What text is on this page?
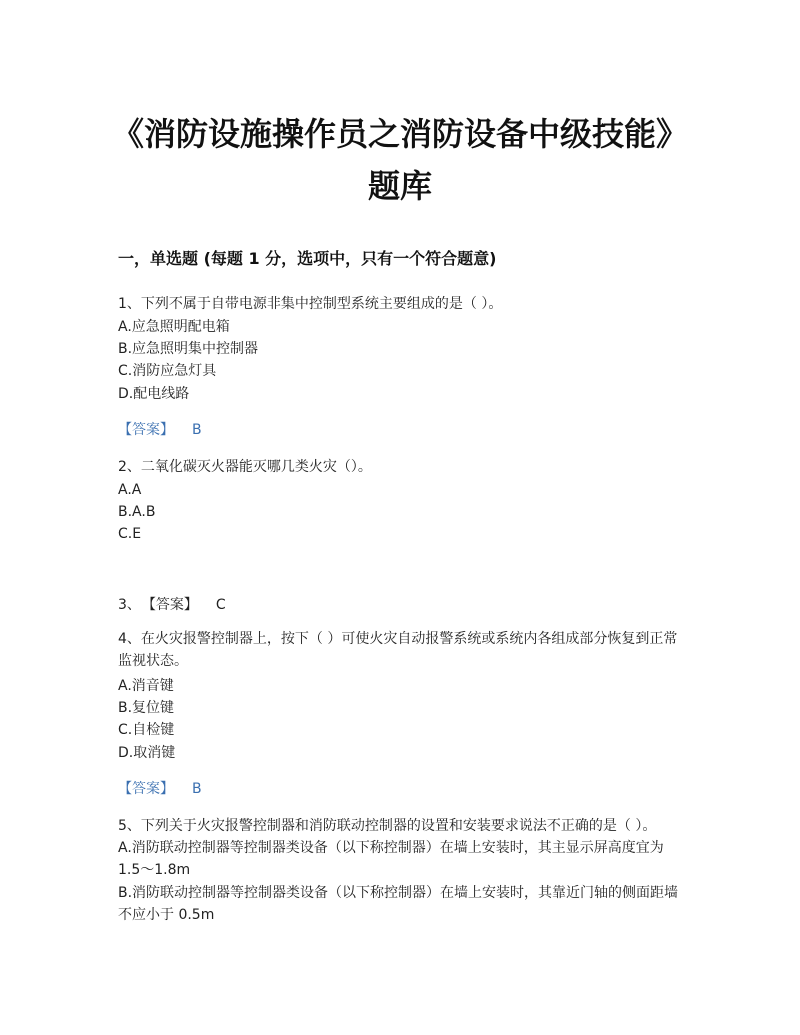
《消防设施操作员之消防设备中级技能》题库
一，单选题 (每题 1 分，选项中，只有一个符合题意)
1、下列不属于自带电源非集中控制型系统主要组成的是（ ）。
A.应急照明配电箱
B.应急照明集中控制器
C.消防应急灯具
D.配电线路
【答案】 B
2、二氧化碳灭火器能灭哪几类火灾（）。
A.A
B.A.B
C.E
3、 【答案】 C
4、在火灾报警控制器上，按下（ ）可使火灾自动报警系统或系统内各组成部分恢复到正常监视状态。
A.消音键
B.复位键
C.自检键
D.取消键
【答案】 B
5、下列关于火灾报警控制器和消防联动控制器的设置和安装要求说法不正确的是（ ）。
A.消防联动控制器等控制器类设备（以下称控制器）在墙上安装时，其主显示屏高度宜为1.5～1.8m
B.消防联动控制器等控制器类设备（以下称控制器）在墙上安装时，其靠近门轴的侧面距墙不应小于 0.5m
